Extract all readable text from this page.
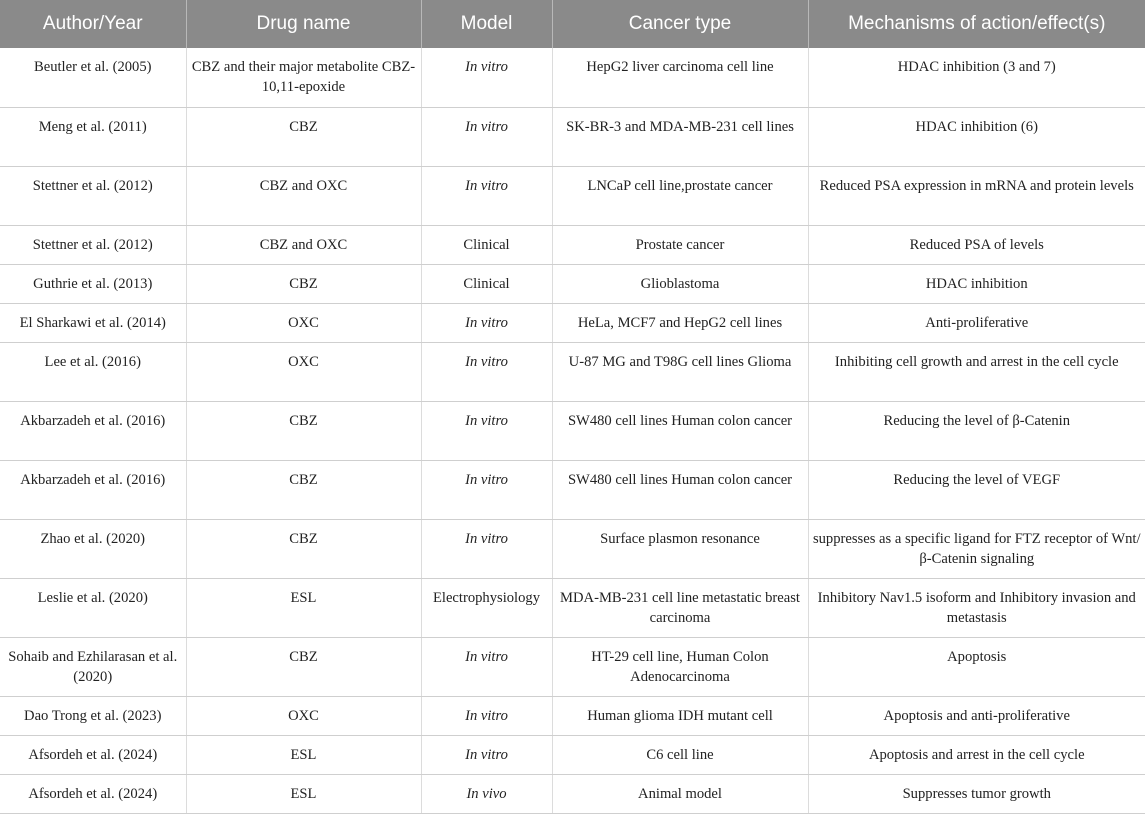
Author/Year	Drug name	Model	Cancer type	Mechanisms of action/effect(s)
Beutler et al. (2005)	CBZ and their major metabolite CBZ-10,11-epoxide	In vitro	HepG2 liver carcinoma cell line	HDAC inhibition (3 and 7)
Meng et al. (2011)	CBZ	In vitro	SK-BR-3 and MDA-MB-231 cell lines	HDAC inhibition (6)
Stettner et al. (2012)	CBZ and OXC	In vitro	LNCaP cell line,prostate cancer	Reduced PSA expression in mRNA and protein levels
Stettner et al. (2012)	CBZ and OXC	Clinical	Prostate cancer	Reduced PSA of levels
Guthrie et al. (2013)	CBZ	Clinical	Glioblastoma	HDAC inhibition
El Sharkawi et al. (2014)	OXC	In vitro	HeLa, MCF7 and HepG2 cell lines	Anti-proliferative
Lee et al. (2016)	OXC	In vitro	U-87 MG and T98G cell lines Glioma	Inhibiting cell growth and arrest in the cell cycle
Akbarzadeh et al. (2016)	CBZ	In vitro	SW480 cell lines Human colon cancer	Reducing the level of β-Catenin
Akbarzadeh et al. (2016)	CBZ	In vitro	SW480 cell lines Human colon cancer	Reducing the level of VEGF
Zhao et al. (2020)	CBZ	In vitro	Surface plasmon resonance	suppresses as a specific ligand for FTZ receptor of Wnt/β-Catenin signaling
Leslie et al. (2020)	ESL	Electrophysiology	MDA-MB-231 cell line metastatic breast carcinoma	Inhibitory Nav1.5 isoform and Inhibitory invasion and metastasis
Sohaib and Ezhilarasan et al. (2020)	CBZ	In vitro	HT-29 cell line, Human Colon Adenocarcinoma	Apoptosis
Dao Trong et al. (2023)	OXC	In vitro	Human glioma IDH mutant cell	Apoptosis and anti-proliferative
Afsordeh et al. (2024)	ESL	In vitro	C6 cell line	Apoptosis and arrest in the cell cycle
Afsordeh et al. (2024)	ESL	In vivo	Animal model	Suppresses tumor growth
